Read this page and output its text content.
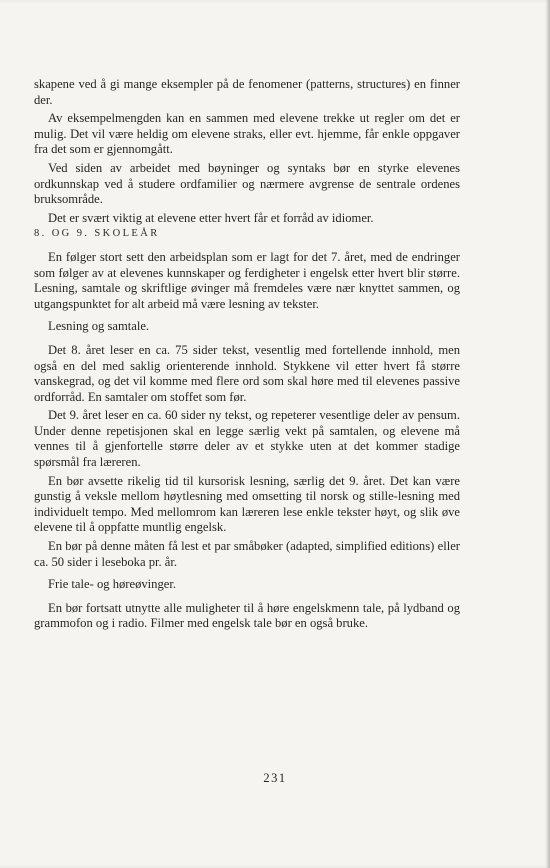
skapene ved å gi mange eksempler på de fenomener (patterns, structures) en finner der.

Av eksempelmengden kan en sammen med elevene trekke ut regler om det er mulig. Det vil være heldig om elevene straks, eller evt. hjemme, får enkle oppgaver fra det som er gjennomgått.

Ved siden av arbeidet med bøyninger og syntaks bør en styrke elevenes ordkunnskap ved å studere ordfamilier og nærmere avgrense de sentrale ordenes bruksområde.

Det er svært viktig at elevene etter hvert får et forråd av idiomer.

8. OG 9. SKOLEÅR

En følger stort sett den arbeidsplan som er lagt for det 7. året, med de endringer som følger av at elevenes kunnskaper og ferdigheter i engelsk etter hvert blir større. Lesning, samtale og skriftlige øvinger må fremdeles være nær knyttet sammen, og utgangspunktet for alt arbeid må være lesning av tekster.

Lesning og samtale.

Det 8. året leser en ca. 75 sider tekst, vesentlig med fortellende innhold, men også en del med saklig orienterende innhold. Stykkene vil etter hvert få større vanskegrad, og det vil komme med flere ord som skal høre med til elevenes passive ordforråd. En samtaler om stoffet som før.

Det 9. året leser en ca. 60 sider ny tekst, og repeterer vesentlige deler av pensum. Under denne repetisjonen skal en legge særlig vekt på samtalen, og elevene må vennes til å gjenfortelle større deler av et stykke uten at det kommer stadige spørsmål fra læreren.

En bør avsette rikelig tid til kursorisk lesning, særlig det 9. året. Det kan være gunstig å veksle mellom høytlesning med omsetting til norsk og stille-lesning med individuelt tempo. Med mellomrom kan læreren lese enkle tekster høyt, og slik øve elevene til å oppfatte muntlig engelsk.

En bør på denne måten få lest et par småbøker (adapted, simplified editions) eller ca. 50 sider i leseboka pr. år.

Frie tale- og høreøvinger.

En bør fortsatt utnytte alle muligheter til å høre engelskmenn tale, på lydband og grammofon og i radio. Filmer med engelsk tale bør en også bruke.

231
